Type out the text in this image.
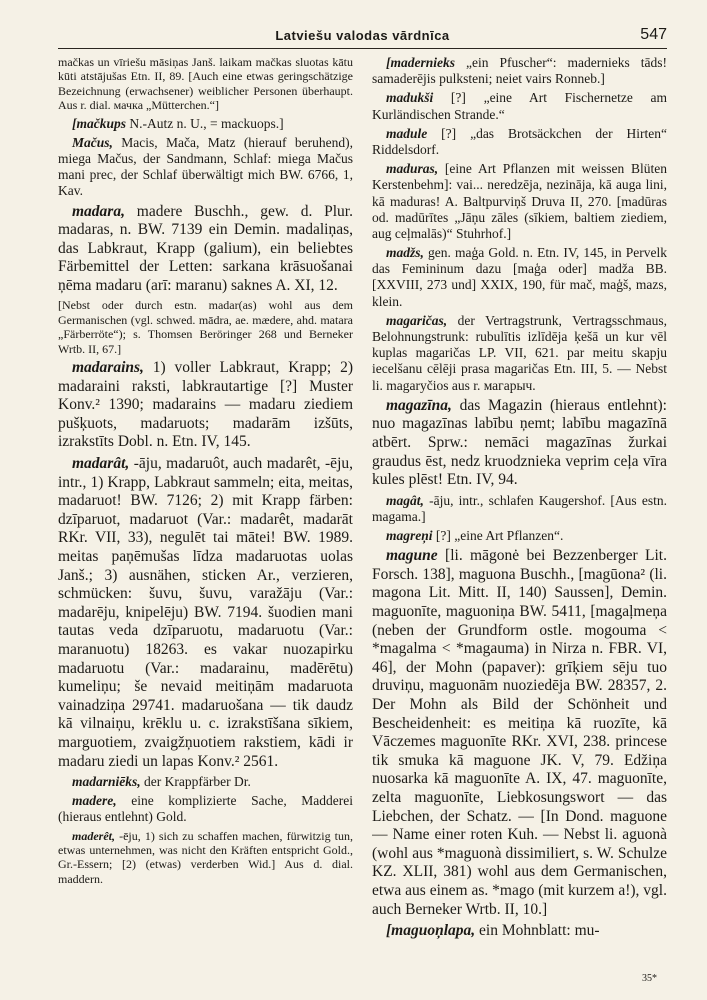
Latviešu valodas vārdnīca	547

mačkas un vīriešu māsiņas Janš. laikam mačkas sluotas kātu kūti atstājušas Etn. II, 89. [Auch eine etwas geringschätzige Bezeichnung (erwachsener) weiblicher Personen überhaupt. Aus r. dial. мачка „Mütterchen.“]

[mačkups N.-Autz n. U., = mackuops.]

Mačus, Macis, Mača, Matz (hierauf beruhend), miega Mačus, der Sandmann, Schlaf: miega Mačus mani prec, der Schlaf überwältigt mich BW. 6766, 1, Kav.

madara, madere Buschh., gew. d. Plur. madaras, n. BW. 7139 ein Demin. madaliņas, das Labkraut, Krapp (galium), ein beliebtes Färbemittel der Letten: sarkana krāsuošanai ņēma madaru (arī: maranu) saknes A. XI, 12.

[Nebst oder durch estn. madar(as) wohl aus dem Germanischen (vgl. schwed. mādra, ae. mædere, ahd. matara „Färberröte“); s. Thomsen Beröringer 268 und Berneker Wrtb. II, 67.]

madarains, 1) voller Labkraut, Krapp; 2) madaraini raksti, labkrautartige [?] Muster Konv.² 1390; madarains — madaru ziediem pušķuots, madaruots; madarām izšūts, izrakstīts Dobl. n. Etn. IV, 145.

madarât, -āju, madaruôt, auch madarêt, -ēju, intr., 1) Krapp, Labkraut sammeln; eita, meitas, madaruot! BW. 7126; 2) mit Krapp färben: dzīparuot, madaruot (Var.: madarêt, madarāt RKr. VII, 33), negulēt tai mātei! BW. 1989. meitas paņēmušas līdza madaruotas uolas Janš.; 3) ausnähen, sticken Ar., verzieren, schmücken: šuvu, šuvu, varažāju (Var.: madarēju, knipelēju) BW. 7194. šuodien mani tautas veda dzīparuotu, madaruotu (Var.: maranuotu) 18263. es vakar nuozapirku madaruotu (Var.: madarainu, madērētu) kumeliņu; še nevaid meitiņām madaruota vainadziņa 29741. madaruošana — tik daudz kā vilnaiņu, krēklu u. c. izrakstīšana sīkiem, marguotiem, zvaigžņuotiem rakstiem, kādi ir madaru ziedi un lapas Konv.² 2561.

madarniēks, der Krappfärber Dr.

madere, eine komplizierte Sache, Madderei (hieraus entlehnt) Gold.

maderêt, -ēju, 1) sich zu schaffen machen, fürwitzig tun, etwas unternehmen, was nicht den Kräften entspricht Gold., Gr.-Essern; [2) (etwas) verderben Wid.] Aus d. dial. maddern.

[madernieks „ein Pfuscher“: madernieks tāds! samaderējis pulksteni; neiet vairs Ronneb.]

madukši [?] „eine Art Fischernetze am Kurländischen Strande.“

madule [?] „das Brotsäckchen der Hirten“ Riddelsdorf.

maduras, [eine Art Pflanzen mit weissen Blüten Kerstenbehm]: vai... neredzēja, nezināja, kā auga lini, kā maduras! A. Baltpurviņš Druva II, 270. [madūras od. madūrītes „Jāņu zāles (sīkiem, baltiem ziediem, aug ceļmalās)“ Stuhrhof.]

madžs, gen. maģa Gold. n. Etn. IV, 145, in Pervelk das Femininum dazu [maģa oder] madža BB. [XXVIII, 273 und] XXIX, 190, für mač, maģš, mazs, klein.

magaričas, der Vertragstrunk, Vertragsschmaus, Belohnungstrunk: rubulītis izlīdēja ķešā un kur vēl kuplas magaričas LP. VII, 621. par meitu skapju iecelšanu cēlēji prasa magaričas Etn. III, 5. — Nebst li. magaryčios aus r. магарыч.

magazīna, das Magazin (hieraus entlehnt): nuo magazīnas labību ņemt; labību magazīnā atbērt. Sprw.: nemāci magazīnas žurkai graudus ēst, nedz kruodzniekа veprim ceļa vīra kules plēst! Etn. IV, 94.

magât, -āju, intr., schlafen Kaugershof. [Aus estn. magama.]

magreņi [?] „eine Art Pflanzen“.

magune [li. māgonė bei Bezzenberger Lit. Forsch. 138], maguona Buschh., [magūona² (li. magona Lit. Mitt. II, 140) Saussen], Demin. maguonīte, maguoniņa BW. 5411, [magaļmeņa (neben der Grundform ostle. mogouma < *magalma < *magauma) in Nirza n. FBR. VI, 46], der Mohn (papaver): grīķiem sēju tuo druviņu, maguonām nuoziedēja BW. 28357, 2. Der Mohn als Bild der Schönheit und Bescheidenheit: es meitiņa kā ruozīte, kā Vāczemes maguonīte RKr. XVI, 238. princese tik smuka kā maguone JK. V, 79. Edžiņa nuosarka kā maguonīte A. IX, 47. maguonīte, zelta maguonīte, Liebkosungswort — das Liebchen, der Schatz. — [In Dond. maguone — Name einer roten Kuh. — Nebst li. aguonà (wohl aus *maguonà dissimiliert, s. W. Schulze KZ. XLII, 381) wohl aus dem Germanischen, etwa aus einem as. *mago (mit kurzem a!), vgl. auch Berneker Wrtb. II, 10.]

[maguoņlapa, ein Mohnblatt: mu-

35*
